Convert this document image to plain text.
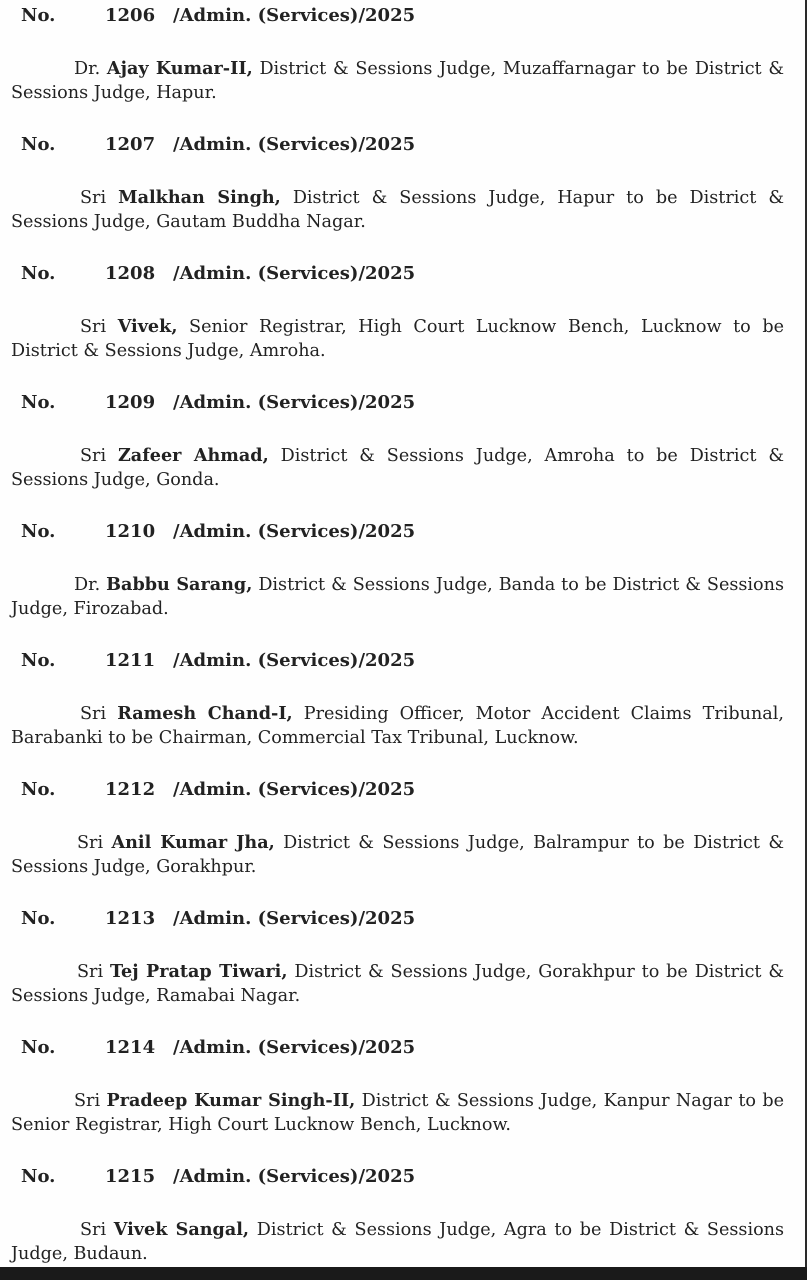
No.	1206 /Admin. (Services)/2025

Dr. Ajay Kumar-II, District & Sessions Judge, Muzaffarnagar to be District & Sessions Judge, Hapur.

No.	1207 /Admin. (Services)/2025

Sri Malkhan Singh, District & Sessions Judge, Hapur to be District & Sessions Judge, Gautam Buddha Nagar.

No.	1208 /Admin. (Services)/2025

Sri Vivek, Senior Registrar, High Court Lucknow Bench, Lucknow to be District & Sessions Judge, Amroha.

No.	1209 /Admin. (Services)/2025

Sri Zafeer Ahmad, District & Sessions Judge, Amroha to be District & Sessions Judge, Gonda.

No.	1210 /Admin. (Services)/2025

Dr. Babbu Sarang, District & Sessions Judge, Banda to be District & Sessions Judge, Firozabad.

No.	1211 /Admin. (Services)/2025

Sri Ramesh Chand-I, Presiding Officer, Motor Accident Claims Tribunal, Barabanki to be Chairman, Commercial Tax Tribunal, Lucknow.

No.	1212 /Admin. (Services)/2025

Sri Anil Kumar Jha, District & Sessions Judge, Balrampur to be District & Sessions Judge, Gorakhpur.

No.	1213 /Admin. (Services)/2025

Sri Tej Pratap Tiwari, District & Sessions Judge, Gorakhpur to be District & Sessions Judge, Ramabai Nagar.

No.	1214 /Admin. (Services)/2025

Sri Pradeep Kumar Singh-II, District & Sessions Judge, Kanpur Nagar to be Senior Registrar, High Court Lucknow Bench, Lucknow.

No.	1215 /Admin. (Services)/2025

Sri Vivek Sangal, District & Sessions Judge, Agra to be District & Sessions Judge, Budaun.
